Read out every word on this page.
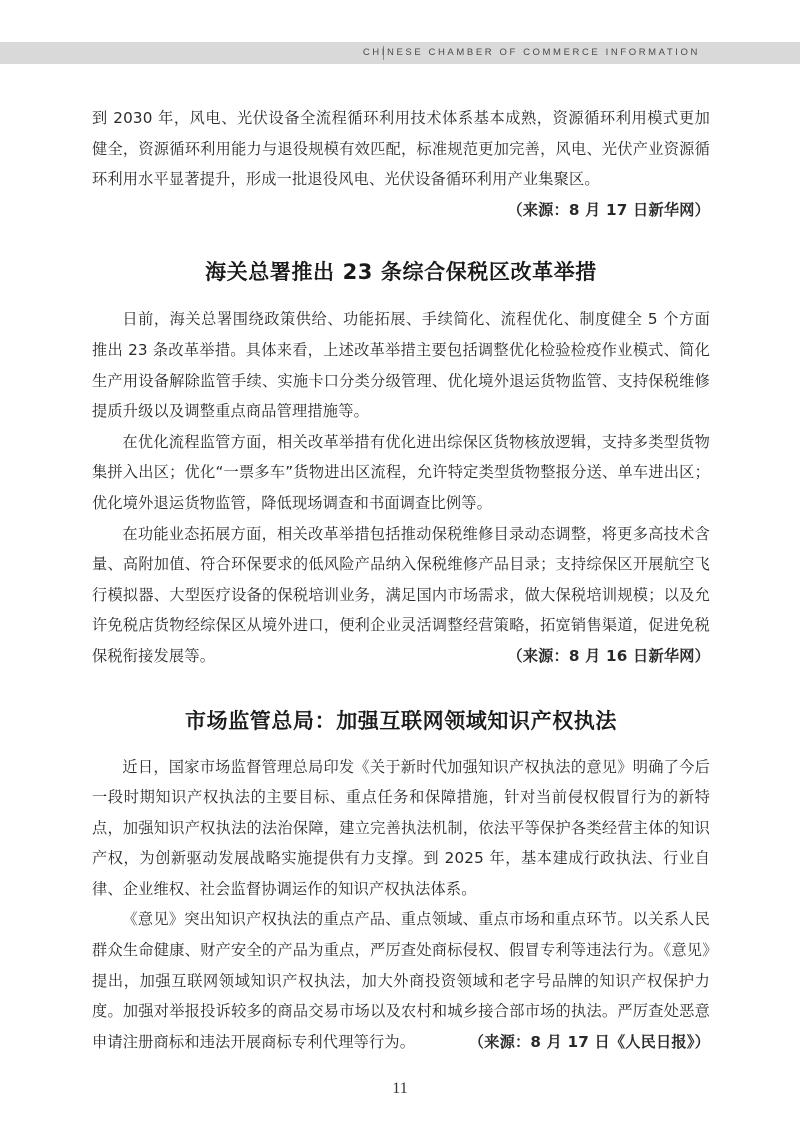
CHINESE CHAMBER OF COMMERCE INFORMATION

到 2030 年，风电、光伏设备全流程循环利用技术体系基本成熟，资源循环利用模式更加健全，资源循环利用能力与退役规模有效匹配，标准规范更加完善，风电、光伏产业资源循环利用水平显著提升，形成一批退役风电、光伏设备循环利用产业集聚区。

（来源：8 月 17 日新华网）
海关总署推出 23 条综合保税区改革举措

日前，海关总署围绕政策供给、功能拓展、手续简化、流程优化、制度健全 5 个方面推出 23 条改革举措。具体来看，上述改革举措主要包括调整优化检验检疫作业模式、简化生产用设备解除监管手续、实施卡口分类分级管理、优化境外退运货物监管、支持保税维修提质升级以及调整重点商品管理措施等。

在优化流程监管方面，相关改革举措有优化进出综保区货物核放逻辑，支持多类型货物集拼入出区；优化“一票多车”货物进出区流程，允许特定类型货物整报分送、单车进出区；优化境外退运货物监管，降低现场调查和书面调查比例等。

在功能业态拓展方面，相关改革举措包括推动保税维修目录动态调整，将更多高技术含量、高附加值、符合环保要求的低风险产品纳入保税维修产品目录；支持综保区开展航空飞行模拟器、大型医疗设备的保税培训业务，满足国内市场需求，做大保税培训规模；以及允许免税店货物经综保区从境外进口，便利企业灵活调整经营策略，拓宽销售渠道，促进免税保税衔接发展等。	（来源：8 月 16 日新华网）

市场监管总局：加强互联网领域知识产权执法

近日，国家市场监督管理总局印发《关于新时代加强知识产权执法的意见》明确了今后一段时期知识产权执法的主要目标、重点任务和保障措施，针对当前侵权假冒行为的新特点，加强知识产权执法的法治保障，建立完善执法机制，依法平等保护各类经营主体的知识产权，为创新驱动发展战略实施提供有力支撑。到 2025 年，基本建成行政执法、行业自律、企业维权、社会监督协调运作的知识产权执法体系。

《意见》突出知识产权执法的重点产品、重点领域、重点市场和重点环节。以关系人民群众生命健康、财产安全的产品为重点，严厉查处商标侵权、假冒专利等违法行为。《意见》提出，加强互联网领域知识产权执法，加大外商投资领域和老字号品牌的知识产权保护力度。加强对举报投诉较多的商品交易市场以及农村和城乡接合部市场的执法。严厉查处恶意申请注册商标和违法开展商标专利代理等行为。	（来源：8 月 17 日《人民日报》）

11
